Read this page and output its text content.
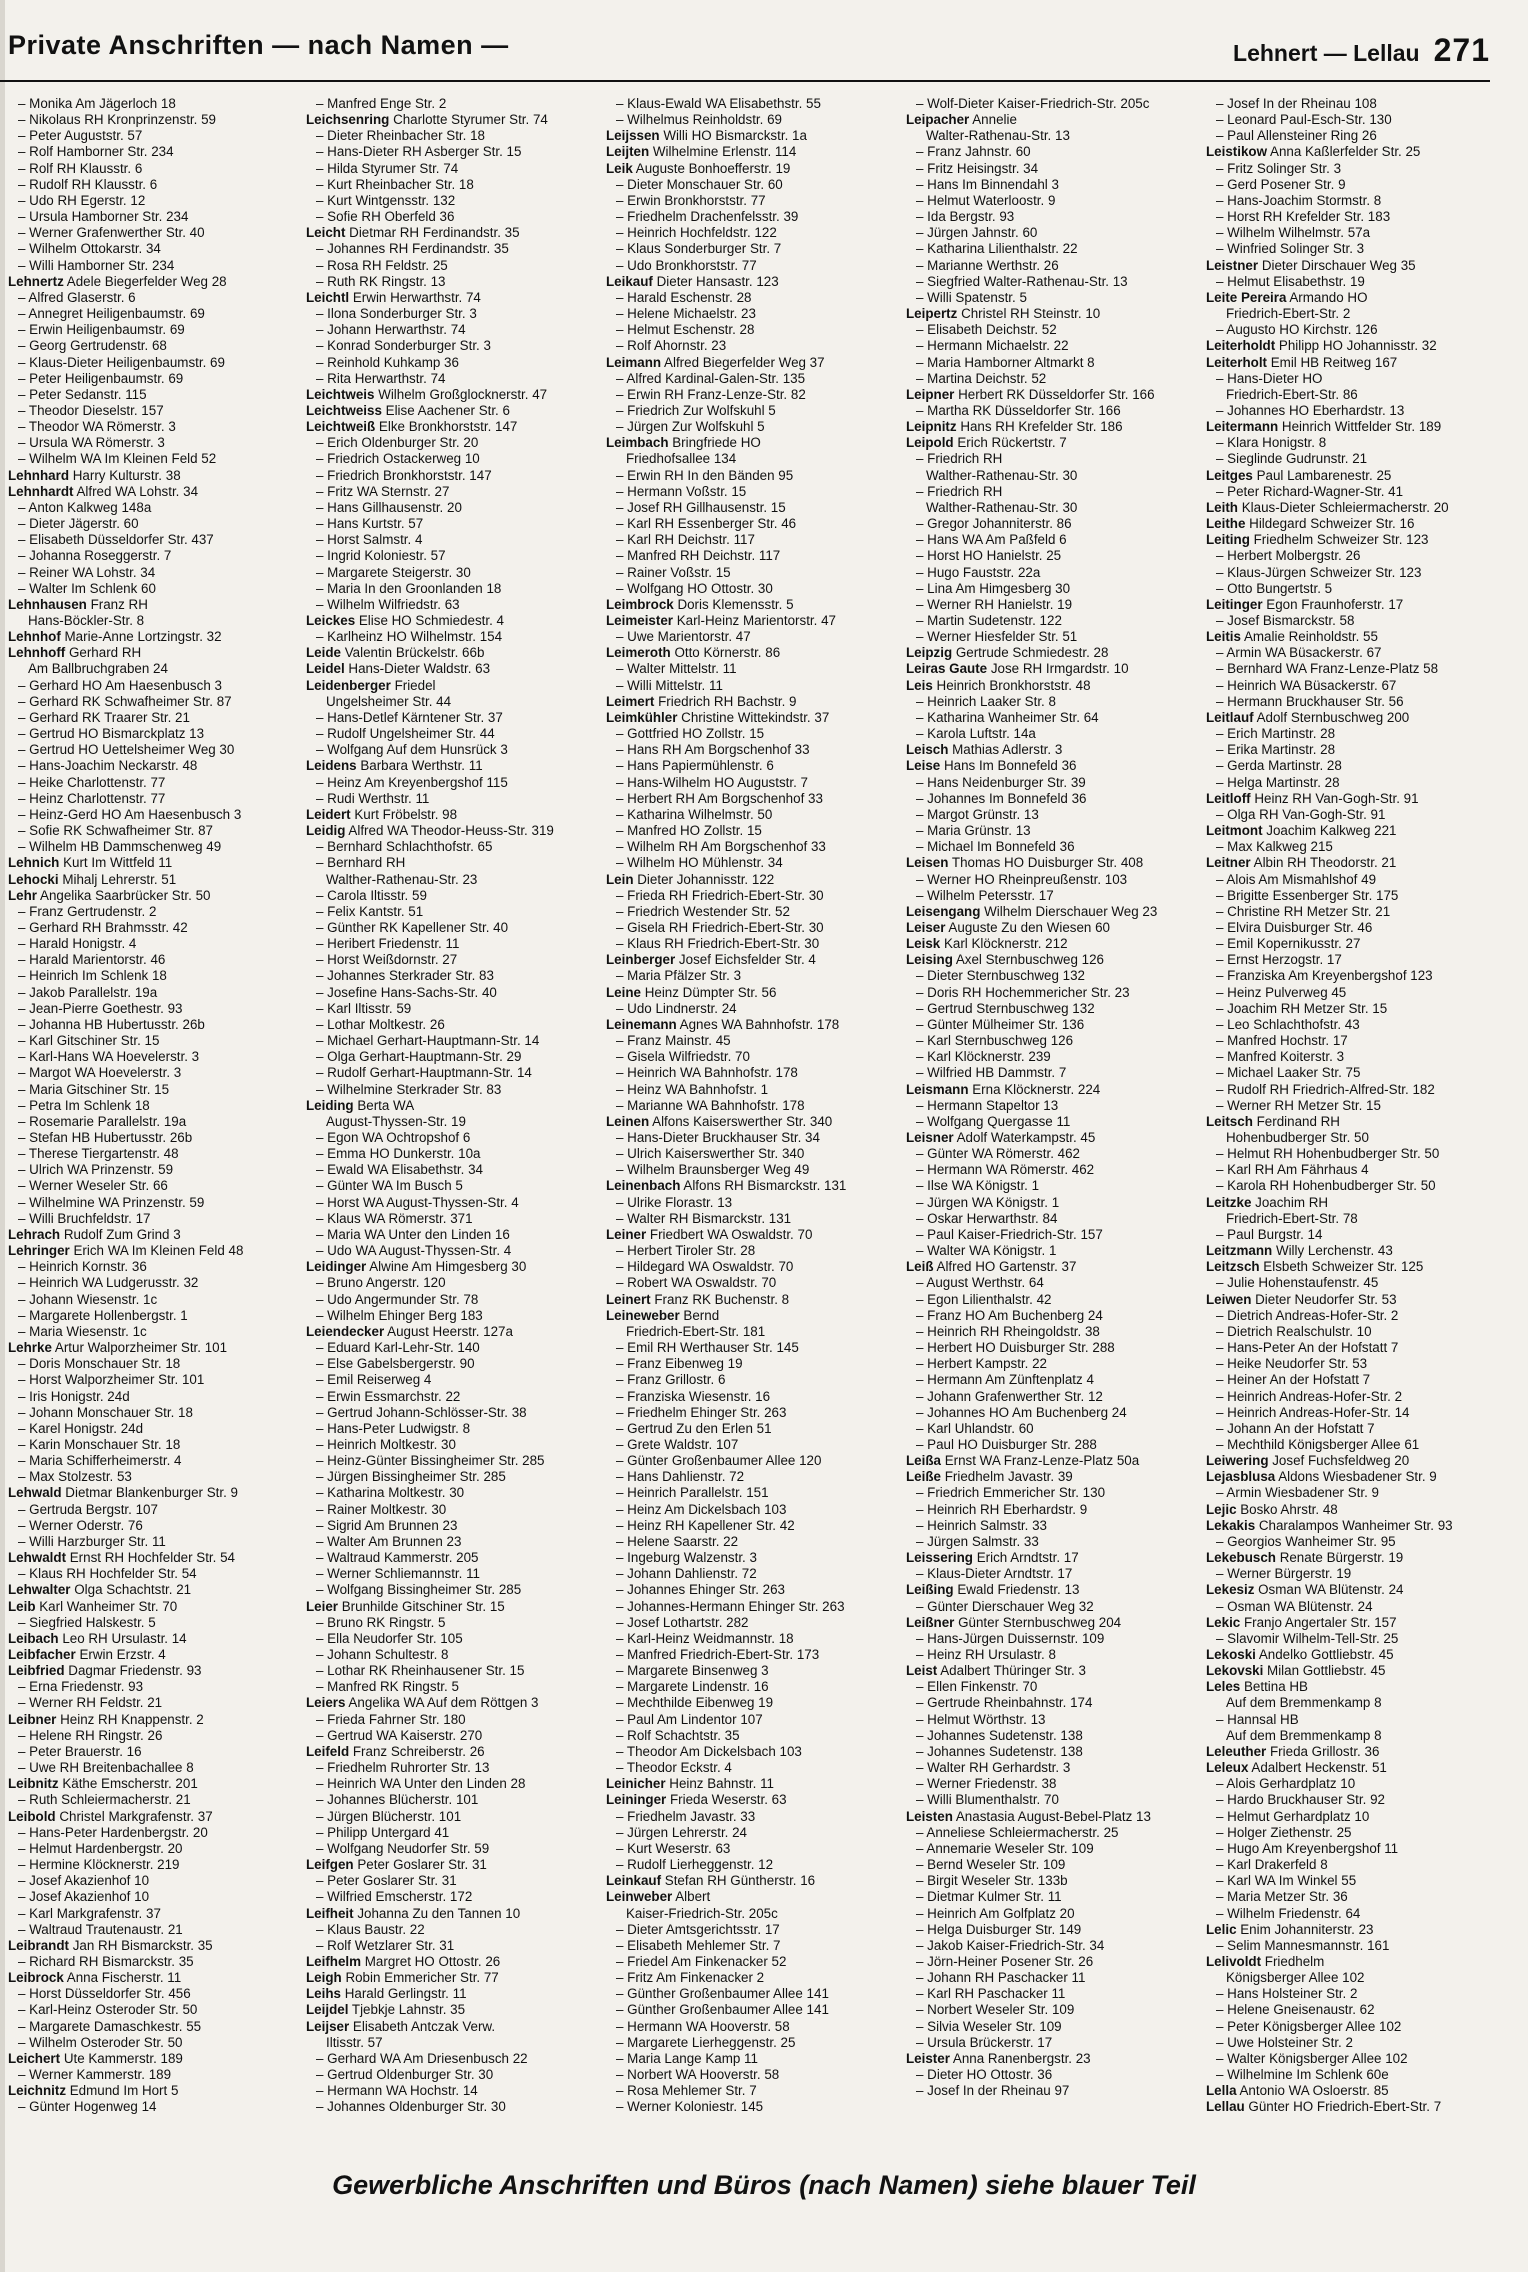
Private Anschriften — nach Namen —	Lehnert — Lellau 271
– Monika Am Jägerloch 18
– Nikolaus RH Kronprinzenstr. 59
– Peter Auguststr. 57
– Rolf Hamborner Str. 234
– Rolf RH Klausstr. 6
– Rudolf RH Klausstr. 6
– Udo RH Egerstr. 12
– Ursula Hamborner Str. 234
– Werner Grafenwerther Str. 40
– Wilhelm Ottokarstr. 34
– Willi Hamborner Str. 234
Lehnertz Adele Biegerfelder Weg 28
– Alfred Glaserstr. 6
– Annegret Heiligenbaumstr. 69
– Erwin Heiligenbaumstr. 69
– Georg Gertrudenstr. 68
– Klaus-Dieter Heiligenbaumstr. 69
– Peter Heiligenbaumstr. 69
– Peter Sedanstr. 115
– Theodor Dieselstr. 157
– Theodor WA Römerstr. 3
– Ursula WA Römerstr. 3
– Wilhelm WA Im Kleinen Feld 52
Lehnhard Harry Kulturstr. 38
Lehnhardt Alfred WA Lohstr. 34
– Anton Kalkweg 148a
– Dieter Jägerstr. 60
– Elisabeth Düsseldorfer Str. 437
– Johanna Roseggerstr. 7
– Reiner WA Lohstr. 34
– Walter Im Schlenk 60
Lehnhausen Franz RH
Hans-Böckler-Str. 8
Lehnhof Marie-Anne Lortzingstr. 32
Lehnhoff Gerhard RH
Am Ballbruchgraben 24
– Gerhard HO Am Haesenbusch 3
– Gerhard RK Schwafheimer Str. 87
– Gerhard RK Traarer Str. 21
– Gertrud HO Bismarckplatz 13
– Gertrud HO Uettelsheimer Weg 30
– Hans-Joachim Neckarstr. 48
– Heike Charlottenstr. 77
– Heinz Charlottenstr. 77
– Heinz-Gerd HO Am Haesenbusch 3
– Sofie RK Schwafheimer Str. 87
– Wilhelm HB Dammschenweg 49
Lehnich Kurt Im Wittfeld 11
Lehocki Mihalj Lehrerstr. 51
Lehr Angelika Saarbrücker Str. 50
– Franz Gertrudenstr. 2
– Gerhard RH Brahmsstr. 42
– Harald Honigstr. 4
– Harald Marientorstr. 46
– Heinrich Im Schlenk 18
– Jakob Parallelstr. 19a
– Jean-Pierre Goethestr. 93
– Johanna HB Hubertusstr. 26b
– Karl Gitschiner Str. 15
– Karl-Hans WA Hoevelerstr. 3
– Margot WA Hoevelerstr. 3
– Maria Gitschiner Str. 15
– Petra Im Schlenk 18
– Rosemarie Parallelstr. 19a
– Stefan HB Hubertusstr. 26b
– Therese Tiergartenstr. 48
– Ulrich WA Prinzenstr. 59
– Werner Weseler Str. 66
– Wilhelmine WA Prinzenstr. 59
– Willi Bruchfeldstr. 17
Lehrach Rudolf Zum Grind 3
Lehringer Erich WA Im Kleinen Feld 48
– Heinrich Kornstr. 36
– Heinrich WA Ludgerusstr. 32
– Johann Wiesenstr. 1c
– Margarete Hollenbergstr. 1
– Maria Wiesenstr. 1c
Lehrke Artur Walporzheimer Str. 101
– Doris Monschauer Str. 18
– Horst Walporzheimer Str. 101
– Iris Honigstr. 24d
– Johann Monschauer Str. 18
– Karel Honigstr. 24d
– Karin Monschauer Str. 18
– Maria Schifferheimerstr. 4
– Max Stolzestr. 53
Lehwald Dietmar Blankenburger Str. 9
– Gertruda Bergstr. 107
– Werner Oderstr. 76
– Willi Harzburger Str. 11
Lehwaldt Ernst RH Hochfelder Str. 54
– Klaus RH Hochfelder Str. 54
Lehwalter Olga Schachtstr. 21
Leib Karl Wanheimer Str. 70
– Siegfried Halskestr. 5
Leibach Leo RH Ursulastr. 14
Leibfacher Erwin Erzstr. 4
Leibfried Dagmar Friedenstr. 93
– Erna Friedenstr. 93
– Werner RH Feldstr. 21
Leibner Heinz RH Knappenstr. 2
– Helene RH Ringstr. 26
– Peter Brauerstr. 16
– Uwe RH Breitenbachallee 8
Leibnitz Käthe Emscherstr. 201
– Ruth Schleiermacherstr. 21
Leibold Christel Markgrafenstr. 37
– Hans-Peter Hardenbergstr. 20
– Helmut Hardenbergstr. 20
– Hermine Klöcknerstr. 219
– Josef Akazienhof 10
– Josef Akazienhof 10
– Karl Markgrafenstr. 37
– Waltraud Trautenaustr. 21
Leibrandt Jan RH Bismarckstr. 35
– Richard RH Bismarckstr. 35
Leibrock Anna Fischerstr. 11
– Horst Düsseldorfer Str. 456
– Karl-Heinz Osteroder Str. 50
– Margarete Damaschkestr. 55
– Wilhelm Osteroder Str. 50
Leichert Ute Kammerstr. 189
– Werner Kammerstr. 189
Leichnitz Edmund Im Hort 5
– Günter Hogenweg 14
– Manfred Enge Str. 2
Leichsenring Charlotte Styrumer Str. 74
– Dieter Rheinbacher Str. 18
– Hans-Dieter RH Asberger Str. 15
– Hilda Styrumer Str. 74
– Kurt Rheinbacher Str. 18
– Kurt Wintgensstr. 132
– Sofie RH Oberfeld 36
Leicht Dietmar RH Ferdinandstr. 35
– Johannes RH Ferdinandstr. 35
– Rosa RH Feldstr. 25
– Ruth RK Ringstr. 13
Leichtl Erwin Herwarthstr. 74
– Ilona Sonderburger Str. 3
– Johann Herwarthstr. 74
– Konrad Sonderburger Str. 3
– Reinhold Kuhkamp 36
– Rita Herwarthstr. 74
Leichtweis Wilhelm Großglocknerstr. 47
Leichtweiss Elise Aachener Str. 6
Leichtweiß Elke Bronkhorststr. 147
– Erich Oldenburger Str. 20
– Friedrich Ostackerweg 10
– Friedrich Bronkhorststr. 147
– Fritz WA Sternstr. 27
– Hans Gillhausenstr. 20
– Hans Kurtstr. 57
– Horst Salmstr. 4
– Ingrid Koloniestr. 57
– Margarete Steigerstr. 30
– Maria In den Groonlanden 18
– Wilhelm Wilfriedstr. 63
Leickes Elise HO Schmiedestr. 4
– Karlheinz HO Wilhelmstr. 154
Leide Valentin Brückelstr. 66b
Leidel Hans-Dieter Waldstr. 63
Leidenberger Friedel
Ungelsheimer Str. 44
– Hans-Detlef Kärntener Str. 37
– Rudolf Ungelsheimer Str. 44
– Wolfgang Auf dem Hunsrück 3
Leidens Barbara Werthstr. 11
– Heinz Am Kreyenbergshof 115
– Rudi Werthstr. 11
Leidert Kurt Fröbelstr. 98
Leidig Alfred WA Theodor-Heuss-Str. 319
– Bernhard Schlachthofstr. 65
– Bernhard RH
Walther-Rathenau-Str. 23
– Carola Iltisstr. 59
– Felix Kantstr. 51
– Günther RK Kapellener Str. 40
– Heribert Friedenstr. 11
– Horst Weißdornstr. 27
– Johannes Sterkrader Str. 83
– Josefine Hans-Sachs-Str. 40
– Karl Iltisstr. 59
– Lothar Moltkestr. 26
– Michael Gerhart-Hauptmann-Str. 14
– Olga Gerhart-Hauptmann-Str. 29
– Rudolf Gerhart-Hauptmann-Str. 14
– Wilhelmine Sterkrader Str. 83
Leiding Berta WA
August-Thyssen-Str. 19
– Egon WA Ochtropshof 6
– Emma HO Dunkerstr. 10a
– Ewald WA Elisabethstr. 34
– Günter WA Im Busch 5
– Horst WA August-Thyssen-Str. 4
– Klaus WA Römerstr. 371
– Maria WA Unter den Linden 16
– Udo WA August-Thyssen-Str. 4
Leidinger Alwine Am Himgesberg 30
– Bruno Angerstr. 120
– Udo Angermunder Str. 78
– Wilhelm Ehinger Berg 183
Leiendecker August Heerstr. 127a
– Eduard Karl-Lehr-Str. 140
– Else Gabelsbergerstr. 90
– Emil Reiserweg 4
– Erwin Essmarchstr. 22
– Gertrud Johann-Schlösser-Str. 38
– Hans-Peter Ludwigstr. 8
– Heinrich Moltkestr. 30
– Heinz-Günter Bissingheimer Str. 285
– Jürgen Bissingheimer Str. 285
– Katharina Moltkestr. 30
– Rainer Moltkestr. 30
– Sigrid Am Brunnen 23
– Walter Am Brunnen 23
– Waltraud Kammerstr. 205
– Werner Schliemannstr. 11
– Wolfgang Bissingheimer Str. 285
Leier Brunhilde Gitschiner Str. 15
– Bruno RK Ringstr. 5
– Ella Neudorfer Str. 105
– Johann Schultestr. 8
– Lothar RK Rheinhausener Str. 15
– Manfred RK Ringstr. 5
Leiers Angelika WA Auf dem Röttgen 3
– Frieda Fahrner Str. 180
– Gertrud WA Kaiserstr. 270
Leifeld Franz Schreiberstr. 26
– Friedhelm Ruhrorter Str. 13
– Heinrich WA Unter den Linden 28
– Johannes Blücherstr. 101
– Jürgen Blücherstr. 101
– Philipp Untergard 41
– Wolfgang Neudorfer Str. 59
Leifgen Peter Goslarer Str. 31
– Peter Goslarer Str. 31
– Wilfried Emscherstr. 172
Leifheit Johanna Zu den Tannen 10
– Klaus Baustr. 22
– Rolf Wetzlarer Str. 31
Leifhelm Margret HO Ottostr. 26
Leigh Robin Emmericher Str. 77
Leihs Harald Gerlingstr. 11
Leijdel Tjebkje Lahnstr. 35
Leijser Elisabeth Antczak Verw.
Iltisstr. 57
– Gerhard WA Am Driesenbusch 22
– Gertrud Oldenburger Str. 30
– Hermann WA Hochstr. 14
– Johannes Oldenburger Str. 30
– Klaus-Ewald WA Elisabethstr. 55
– Wilhelmus Reinholdstr. 69
Leijssen Willi HO Bismarckstr. 1a
Leijten Wilhelmine Erlenstr. 114
Leik Auguste Bonhoefferstr. 19
– Dieter Monschauer Str. 60
– Erwin Bronkhorststr. 77
– Friedhelm Drachenfelsstr. 39
– Heinrich Hochfeldstr. 122
– Klaus Sonderburger Str. 7
– Udo Bronkhorststr. 77
Leikauf Dieter Hansastr. 123
– Harald Eschenstr. 28
– Helene Michaelstr. 23
– Helmut Eschenstr. 28
– Rolf Ahornstr. 23
Leimann Alfred Biegerfelder Weg 37
– Alfred Kardinal-Galen-Str. 135
– Erwin RH Franz-Lenze-Str. 82
– Friedrich Zur Wolfskuhl 5
– Jürgen Zur Wolfskuhl 5
Leimbach Bringfriede HO
Friedhofsallee 134
– Erwin RH In den Bänden 95
– Hermann Voßstr. 15
– Josef RH Gillhausenstr. 15
– Karl RH Essenberger Str. 46
– Karl RH Deichstr. 117
– Manfred RH Deichstr. 117
– Rainer Voßstr. 15
– Wolfgang HO Ottostr. 30
Leimbrock Doris Klemensstr. 5
Leimeister Karl-Heinz Marientorstr. 47
– Uwe Marientorstr. 47
Leimeroth Otto Körnerstr. 86
– Walter Mittelstr. 11
– Willi Mittelstr. 11
Leimert Friedrich RH Bachstr. 9
Leimkühler Christine Wittekindstr. 37
– Gottfried HO Zollstr. 15
– Hans RH Am Borgschenhof 33
– Hans Papiermühlenstr. 6
– Hans-Wilhelm HO Auguststr. 7
– Herbert RH Am Borgschenhof 33
– Katharina Wilhelmstr. 50
– Manfred HO Zollstr. 15
– Wilhelm RH Am Borgschenhof 33
– Wilhelm HO Mühlenstr. 34
Lein Dieter Johannisstr. 122
– Frieda RH Friedrich-Ebert-Str. 30
– Friedrich Westender Str. 52
– Gisela RH Friedrich-Ebert-Str. 30
– Klaus RH Friedrich-Ebert-Str. 30
Leinberger Josef Eichsfelder Str. 4
– Maria Pfälzer Str. 3
Leine Heinz Dümpter Str. 56
– Udo Lindnerstr. 24
Leinemann Agnes WA Bahnhofstr. 178
– Franz Mainstr. 45
– Gisela Wilfriedstr. 70
– Heinrich WA Bahnhofstr. 178
– Heinz WA Bahnhofstr. 1
– Marianne WA Bahnhofstr. 178
Leinen Alfons Kaiserswerther Str. 340
– Hans-Dieter Bruckhauser Str. 34
– Ulrich Kaiserswerther Str. 340
– Wilhelm Braunsberger Weg 49
Leinenbach Alfons RH Bismarckstr. 131
– Ulrike Florastr. 13
– Walter RH Bismarckstr. 131
Leiner Friedbert WA Oswaldstr. 70
– Herbert Tiroler Str. 28
– Hildegard WA Oswaldstr. 70
– Robert WA Oswaldstr. 70
Leinert Franz RK Buchenstr. 8
Leineweber Bernd
Friedrich-Ebert-Str. 181
– Emil RH Werthauser Str. 145
– Franz Eibenweg 19
– Franz Grillostr. 6
– Franziska Wiesenstr. 16
– Friedhelm Ehinger Str. 263
– Gertrud Zu den Erlen 51
– Grete Waldstr. 107
– Günter Großenbaumer Allee 120
– Hans Dahlienstr. 72
– Heinrich Parallelstr. 151
– Heinz Am Dickelsbach 103
– Heinz RH Kapellener Str. 42
– Helene Saarstr. 22
– Ingeburg Walzenstr. 3
– Johann Dahlienstr. 72
– Johannes Ehinger Str. 263
– Johannes-Hermann Ehinger Str. 263
– Josef Lothartstr. 282
– Karl-Heinz Weidmannstr. 18
– Manfred Friedrich-Ebert-Str. 173
– Margarete Binsenweg 3
– Margarete Lindenstr. 16
– Mechthilde Eibenweg 19
– Paul Am Lindentor 107
– Rolf Schachtstr. 35
– Theodor Am Dickelsbach 103
– Theodor Eckstr. 4
Leinicher Heinz Bahnstr. 11
Leininger Frieda Weserstr. 63
– Friedhelm Javastr. 33
– Jürgen Lehrerstr. 24
– Kurt Weserstr. 63
– Rudolf Lierheggenstr. 12
Leinkauf Stefan RH Güntherstr. 16
Leinweber Albert
Kaiser-Friedrich-Str. 205c
– Dieter Amtsgerichtsstr. 17
– Elisabeth Mehlemer Str. 7
– Friedel Am Finkenacker 52
– Fritz Am Finkenacker 2
– Günther Großenbaumer Allee 141
– Günther Großenbaumer Allee 141
– Hermann WA Hooverstr. 58
– Margarete Lierheggenstr. 25
– Maria Lange Kamp 11
– Norbert WA Hooverstr. 58
– Rosa Mehlemer Str. 7
– Werner Koloniestr. 145
– Wolf-Dieter Kaiser-Friedrich-Str. 205c
Leipacher Annelie
Walter-Rathenau-Str. 13
– Franz Jahnstr. 60
– Fritz Heisingstr. 34
– Hans Im Binnendahl 3
– Helmut Waterloostr. 9
– Ida Bergstr. 93
– Jürgen Jahnstr. 60
– Katharina Lilienthalstr. 22
– Marianne Werthstr. 26
– Siegfried Walter-Rathenau-Str. 13
– Willi Spatenstr. 5
Leipertz Christel RH Steinstr. 10
– Elisabeth Deichstr. 52
– Hermann Michaelstr. 22
– Maria Hamborner Altmarkt 8
– Martina Deichstr. 52
Leipner Herbert RK Düsseldorfer Str. 166
– Martha RK Düsseldorfer Str. 166
Leipnitz Hans RH Krefelder Str. 186
Leipold Erich Rückertstr. 7
– Friedrich RH
Walther-Rathenau-Str. 30
– Friedrich RH
Walther-Rathenau-Str. 30
– Gregor Johanniterstr. 86
– Hans WA Am Paßfeld 6
– Horst HO Hanielstr. 25
– Hugo Fauststr. 22a
– Lina Am Himgesberg 30
– Werner RH Hanielstr. 19
– Martin Sudetenstr. 122
– Werner Hiesfelder Str. 51
Leipzig Gertrude Schmiedestr. 28
Leiras Gaute Jose RH Irmgardstr. 10
Leis Heinrich Bronkhorststr. 48
– Heinrich Laaker Str. 8
– Katharina Wanheimer Str. 64
– Karola Luftstr. 14a
Leisch Mathias Adlerstr. 3
Leise Hans Im Bonnefeld 36
– Hans Neidenburger Str. 39
– Johannes Im Bonnefeld 36
– Margot Grünstr. 13
– Maria Grünstr. 13
– Michael Im Bonnefeld 36
Leisen Thomas HO Duisburger Str. 408
– Werner HO Rheinpreußenstr. 103
– Wilhelm Petersstr. 17
Leisengang Wilhelm Dierschauer Weg 23
Leiser Auguste Zu den Wiesen 60
Leisk Karl Klöcknerstr. 212
Leising Axel Sternbuschweg 126
– Dieter Sternbuschweg 132
– Doris RH Hochemmericher Str. 23
– Gertrud Sternbuschweg 132
– Günter Mülheimer Str. 136
– Karl Sternbuschweg 126
– Karl Klöcknerstr. 239
– Wilfried HB Dammstr. 7
Leismann Erna Klöcknerstr. 224
– Hermann Stapeltor 13
– Wolfgang Quergasse 11
Leisner Adolf Waterkampstr. 45
– Günter WA Römerstr. 462
– Hermann WA Römerstr. 462
– Ilse WA Königstr. 1
– Jürgen WA Königstr. 1
– Oskar Herwarthstr. 84
– Paul Kaiser-Friedrich-Str. 157
– Walter WA Königstr. 1
Leiß Alfred HO Gartenstr. 37
– August Werthstr. 64
– Egon Lilienthalstr. 42
– Franz HO Am Buchenberg 24
– Heinrich RH Rheingoldstr. 38
– Herbert HO Duisburger Str. 288
– Herbert Kampstr. 22
– Hermann Am Zünftenplatz 4
– Johann Grafenwerther Str. 12
– Johannes HO Am Buchenberg 24
– Karl Uhlandstr. 60
– Paul HO Duisburger Str. 288
Leißa Ernst WA Franz-Lenze-Platz 50a
Leiße Friedhelm Javastr. 39
– Friedrich Emmericher Str. 130
– Heinrich RH Eberhardstr. 9
– Heinrich Salmstr. 33
– Jürgen Salmstr. 33
Leissering Erich Arndtstr. 17
– Klaus-Dieter Arndtstr. 17
Leißing Ewald Friedenstr. 13
– Günter Dierschauer Weg 32
Leißner Günter Sternbuschweg 204
– Hans-Jürgen Duissernstr. 109
– Heinz RH Ursulastr. 8
Leist Adalbert Thüringer Str. 3
– Ellen Finkenstr. 70
– Gertrude Rheinbahnstr. 174
– Helmut Wörthstr. 13
– Johannes Sudetenstr. 138
– Johannes Sudetenstr. 138
– Walter RH Gerhardstr. 3
– Werner Friedenstr. 38
– Willi Blumenthalstr. 70
Leisten Anastasia August-Bebel-Platz 13
– Anneliese Schleiermacherstr. 25
– Annemarie Weseler Str. 109
– Bernd Weseler Str. 109
– Birgit Weseler Str. 133b
– Dietmar Kulmer Str. 11
– Heinrich Am Golfplatz 20
– Helga Duisburger Str. 149
– Jakob Kaiser-Friedrich-Str. 34
– Jörn-Heiner Posener Str. 26
– Johann RH Paschacker 11
– Karl RH Paschacker 11
– Norbert Weseler Str. 109
– Silvia Weseler Str. 109
– Ursula Brückerstr. 17
Leister Anna Ranenbergstr. 23
– Dieter HO Ottostr. 36
– Josef In der Rheinau 97
– Josef In der Rheinau 108
– Leonard Paul-Esch-Str. 130
– Paul Allensteiner Ring 26
Leistikow Anna Kaßlerfelder Str. 25
– Fritz Solinger Str. 3
– Gerd Posener Str. 9
– Hans-Joachim Stormstr. 8
– Horst RH Krefelder Str. 183
– Wilhelm Wilhelmstr. 57a
– Winfried Solinger Str. 3
Leistner Dieter Dirschauer Weg 35
– Helmut Elisabethstr. 19
Leite Pereira Armando HO
Friedrich-Ebert-Str. 2
– Augusto HO Kirchstr. 126
Leiterholdt Philipp HO Johannisstr. 32
Leiterholt Emil HB Reitweg 167
– Hans-Dieter HO
Friedrich-Ebert-Str. 86
– Johannes HO Eberhardstr. 13
Leitermann Heinrich Wittfelder Str. 189
– Klara Honigstr. 8
– Sieglinde Gudrunstr. 21
Leitges Paul Lambarenestr. 25
– Peter Richard-Wagner-Str. 41
Leith Klaus-Dieter Schleiermacherstr. 20
Leithe Hildegard Schweizer Str. 16
Leiting Friedhelm Schweizer Str. 123
– Herbert Molbergstr. 26
– Klaus-Jürgen Schweizer Str. 123
– Otto Bungertstr. 5
Leitinger Egon Fraunhoferstr. 17
– Josef Bismarckstr. 58
Leitis Amalie Reinholdstr. 55
– Armin WA Büsackerstr. 67
– Bernhard WA Franz-Lenze-Platz 58
– Heinrich WA Büsackerstr. 67
– Hermann Bruckhauser Str. 56
Leitlauf Adolf Sternbuschweg 200
– Erich Martinstr. 28
– Erika Martinstr. 28
– Gerda Martinstr. 28
– Helga Martinstr. 28
Leitloff Heinz RH Van-Gogh-Str. 91
– Olga RH Van-Gogh-Str. 91
Leitmont Joachim Kalkweg 221
– Max Kalkweg 215
Leitner Albin RH Theodorstr. 21
– Alois Am Mismahlshof 49
– Brigitte Essenberger Str. 175
– Christine RH Metzer Str. 21
– Elvira Duisburger Str. 46
– Emil Kopernikusstr. 27
– Ernst Herzogstr. 17
– Franziska Am Kreyenbergshof 123
– Heinz Pulverweg 45
– Joachim RH Metzer Str. 15
– Leo Schlachthofstr. 43
– Manfred Hochstr. 17
– Manfred Koiterstr. 3
– Michael Laaker Str. 75
– Rudolf RH Friedrich-Alfred-Str. 182
– Werner RH Metzer Str. 15
Leitsch Ferdinand RH
Hohenbudberger Str. 50
– Helmut RH Hohenbudberger Str. 50
– Karl RH Am Fährhaus 4
– Karola RH Hohenbudberger Str. 50
Leitzke Joachim RH
Friedrich-Ebert-Str. 78
– Paul Burgstr. 14
Leitzmann Willy Lerchenstr. 43
Leitzsch Elsbeth Schweizer Str. 125
– Julie Hohenstaufenstr. 45
Leiwen Dieter Neudorfer Str. 53
– Dietrich Andreas-Hofer-Str. 2
– Dietrich Realschulstr. 10
– Hans-Peter An der Hofstatt 7
– Heike Neudorfer Str. 53
– Heiner An der Hofstatt 7
– Heinrich Andreas-Hofer-Str. 2
– Heinrich Andreas-Hofer-Str. 14
– Johann An der Hofstatt 7
– Mechthild Königsberger Allee 61
Leiwering Josef Fuchsfeldweg 20
Lejasblusa Aldons Wiesbadener Str. 9
– Armin Wiesbadener Str. 9
Lejic Bosko Ahrstr. 48
Lekakis Charalampos Wanheimer Str. 93
– Georgios Wanheimer Str. 95
Lekebusch Renate Bürgerstr. 19
– Werner Bürgerstr. 19
Lekesiz Osman WA Blütenstr. 24
– Osman WA Blütenstr. 24
Lekic Franjo Angertaler Str. 157
– Slavomir Wilhelm-Tell-Str. 25
Lekoski Andelko Gottliebstr. 45
Lekovski Milan Gottliebstr. 45
Leles Bettina HB
Auf dem Bremmenkamp 8
– Hannsal HB
Auf dem Bremmenkamp 8
Leleuther Frieda Grillostr. 36
Leleux Adalbert Heckenstr. 51
– Alois Gerhardplatz 10
– Hardo Bruckhauser Str. 92
– Helmut Gerhardplatz 10
– Holger Ziethenstr. 25
– Hugo Am Kreyenbergshof 11
– Karl Drakerfeld 8
– Karl WA Im Winkel 55
– Maria Metzer Str. 36
– Wilhelm Friedenstr. 64
Lelic Enim Johanniterstr. 23
– Selim Mannesmannstr. 161
Lelivoldt Friedhelm
Königsberger Allee 102
– Hans Holsteiner Str. 2
– Helene Gneisenaustr. 62
– Peter Königsberger Allee 102
– Uwe Holsteiner Str. 2
– Walter Königsberger Allee 102
– Wilhelmine Im Schlenk 60e
Lella Antonio WA Osloerstr. 85
Lellau Günter HO Friedrich-Ebert-Str. 7
Gewerbliche Anschriften und Büros (nach Namen) siehe blauer Teil
